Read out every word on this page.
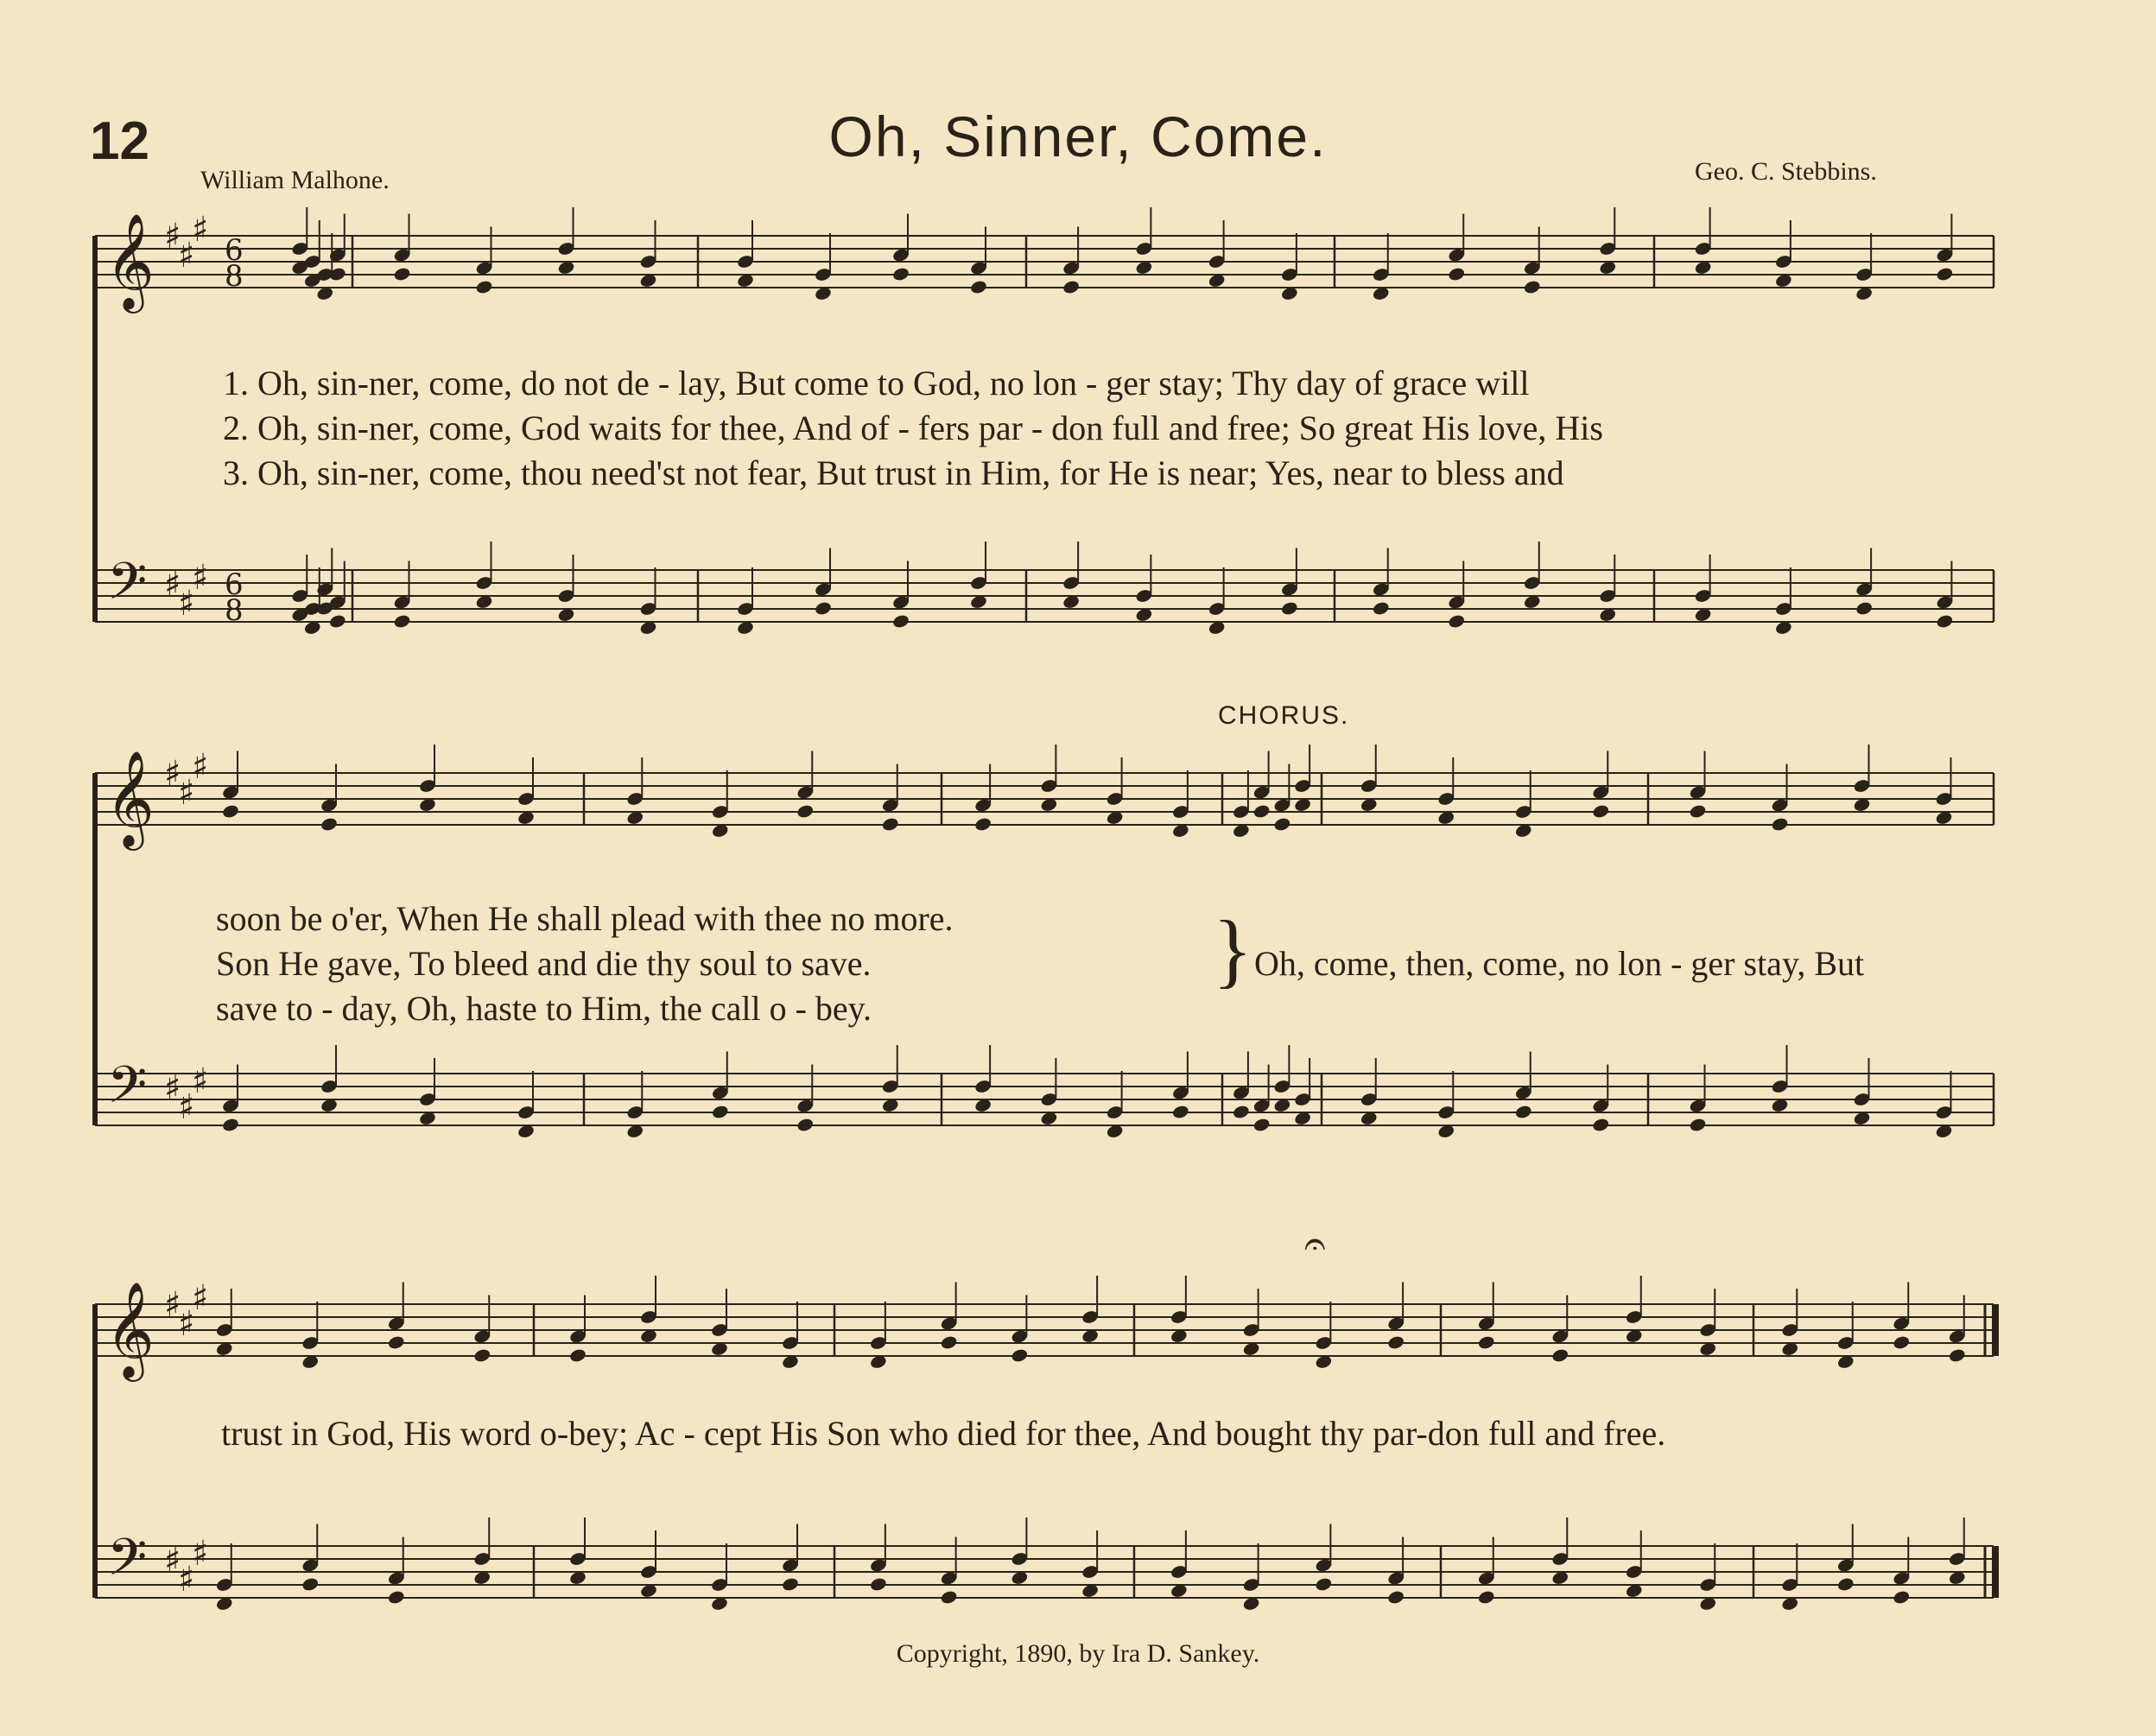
12	Oh, Sinner, Come.
William Malhone.	Geo. C. Stebbins.
𝄞
𝄢
♯
♯
♯
♯
♯
♯
6
8
6
8
𝄞
𝄢
♯
♯
♯
♯
♯
♯
𝄞
𝄢
♯
♯
♯
♯
♯
♯
𝄐
1. Oh, sin-ner, come, do not de - lay, But come to God, no lon - ger stay; Thy day of grace will
2. Oh, sin-ner, come, God waits for thee, And of - fers par - don full and free; So great His love, His
3. Oh, sin-ner, come, thou need'st not fear, But trust in Him, for He is near; Yes, near to bless and
CHORUS.
soon be o'er, When He shall plead with thee no more.
Son He gave, To bleed and die thy soul to save.
save to - day, Oh, haste to Him, the call o - bey.
} Oh, come, then, come, no lon - ger stay, But
trust in God, His word o-bey; Ac - cept His Son who died for thee, And bought thy par-don full and free.
Copyright, 1890, by Ira D. Sankey.
